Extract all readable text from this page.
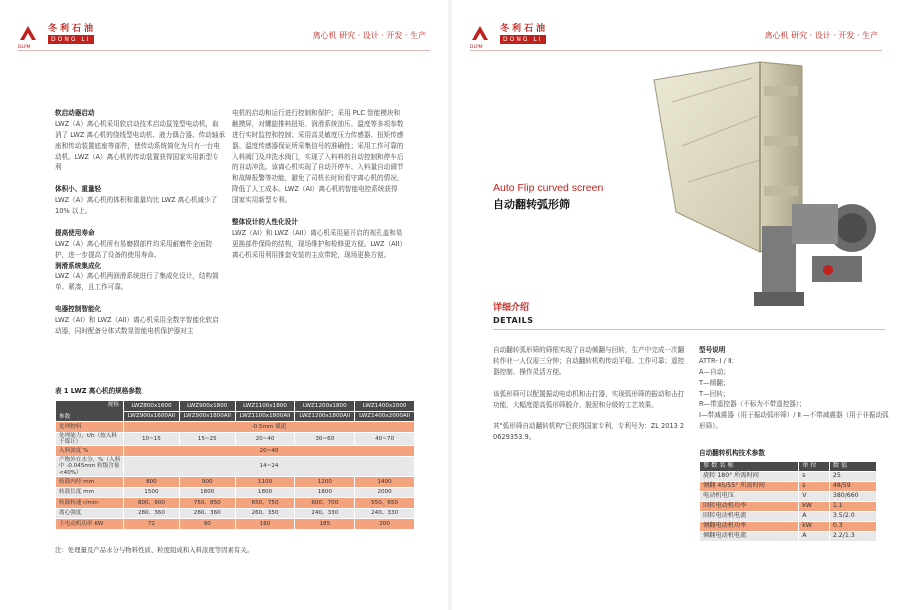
冬利石油
DONG LI
DLPM
离心机 研究 · 设计 · 开发 · 生产
软启动器启动
LWZ（A）离心机采用软启动技术启动鼠笼型电动机，取消了 LWZ 离心机的绕线型电动机、液力偶合器、传动轴承座和传动装置底座等部件，使传动系统简化为只有一台电动机。LWZ（A）离心机的传动装置获得国家实用新型专利
体积小、重量轻
LWZ（A）离心机的体积和重量均比 LWZ 离心机减少了 10% 以上。
提高使用寿命
LWZ（A）离心机所有易磨损部件均采用耐磨件全面防护，进一步提高了设备的使用寿命。
润滑系统集成化
LWZ（A）离心机两润滑系统进行了集成化设计，结构简单、紧凑，且工作可靠。
电器控制智能化
LWZ（AI）和 LWZ（AII）离心机采用全数字智能化软启动器，同时配备分体式数显智能电机保护器对主
电机的启动和运行进行控制和保护；采用 PLC 智能模块和触摸屏，对螺旋推料扭矩、润滑系统油压、温度等多项参数进行实时监控和控制；采用高灵敏度压力传感器、扭矩传感器、温度传感器保证所采集信号的准确性；采用工作可靠的入料阀门及冲洗水阀门，实现了入料料的自动控制和停车后的自动冲洗。该离心机实现了自动开停车、入料量自动调节和故障报警等功能，避免了司机长时间看守离心机的情况，降低了人工成本。LWZ（AI）离心机的智能电控系统获得国家实用新型专利。
整体设计的人性化设计
LWZ（AI）和 LWZ（AII）离心机采用悬开启的视孔盖和易更换部件保险的结构，现场维护和检修更方便。LWZ（AII）离心机采用利用推套安装的主皮带轮，现场更换方便。
表 1 LWZ 离心机的规格参数
规格
参数	LWZ800x1600	LWZ900x1800	LWZ1100x1800	LWZ1200x1800	LWZ1400x2000
	LWZ900x1600AII	LWZ900x1800AII	LWZ1100x1800AII	LWZ1200x1800AII	LWZ1400x2000AII
处理物料	-0.5mm 煤泥				
处理能力，t/h（按入料干煤计）	10~15	15~25	20~40	30~60	40~70
入料浓度 %	20~40				
产物外在水分，%（入料中 -0.045mm 粒级含量 <40%）	14~24				
转鼓内径 mm	800	900	1100	1200	1400
转鼓长度 mm	1500	1800	1800	1800	2000
转鼓转速 r/min	800、900	750、850	650、750	600、700	550、650
离心强度	280、360	280、360	260、350	240、330	240、330
主电动机功率 KW	72	90	160	185	200
注：处理量及产品水分与物料性质、粒度组成和入料浓度等因素有关。
冬利石油
DONG LI
DLPM
离心机 研究 · 设计 · 开发 · 生产
Auto Flip curved screen
自动翻转弧形筛
详细介绍
DETAILS
自动翻转弧形筛的筛框实现了自动倾翻与回转，生产中完成一次翻转作业一人仅需三分钟；自动翻转机构传动平稳、工作可靠；遥控器控制、操作灵活方便。
该弧形筛可以配置振动电动机和击打器，实现弧形筛的振动和击打功能，大幅度提高弧形筛脱介、脱泥和分级的工艺效果。
其"弧形筛自动翻转机构"已获得国家专利，专利号为：ZL 2013 2 0629353.9。
型号说明
ATTR- Ⅰ / Ⅱ：
A—自动；
T—倾翻；
T—回转；
R—带遥控器（不标为不带遥控器）；
Ⅰ—带减震器（用于振动弧形筛）/ Ⅱ —不带减震器（用于非振动弧形筛）。
自动翻转机构技术参数
参 数 名 称	单 位	数 值
旋转 180° 所需时间	s	25
倾翻 45/55° 所需时间	s	48/59
电动机电压	V	380/660
回转电动机功率	kW	1.1
回转电动机电流	A	3.5/2.0
倾翻电动机功率	kW	0.3
倾翻电动机电流	A	2.2/1.3
